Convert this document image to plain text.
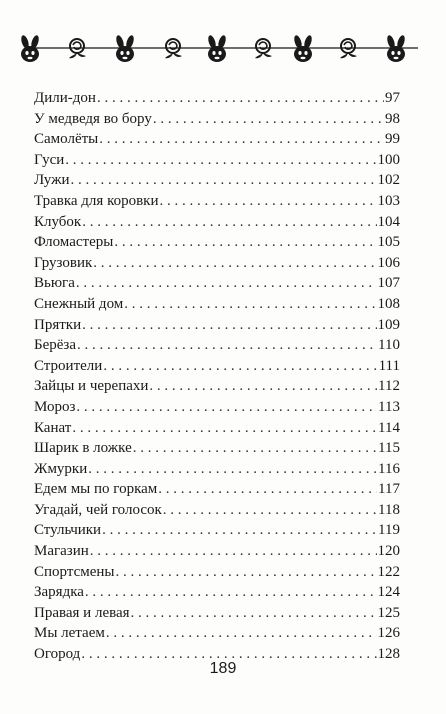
Дили-дон . . .	97
У медведя во бору . . .	98
Самолёты . . .	99
Гуси . . .	100
Лужи . . .	102
Травка для коровки . . .	103
Клубок . . .	104
Фломастеры . . .	105
Грузовик . . .	106
Вьюга . . .	107
Снежный дом . . .	108
Прятки . . .	109
Берёза . . .	110
Строители . . .	111
Зайцы и черепахи . . .	112
Мороз . . .	113
Канат . . .	114
Шарик в ложке . . .	115
Жмурки . . .	116
Едем мы по горкам . . .	117
Угадай, чей голосок . . .	118
Стульчики . . .	119
Магазин . . .	120
Спортсмены . . .	122
Зарядка . . .	124
Правая и левая . . .	125
Мы летаем . . .	126
Огород . . .	128
189
